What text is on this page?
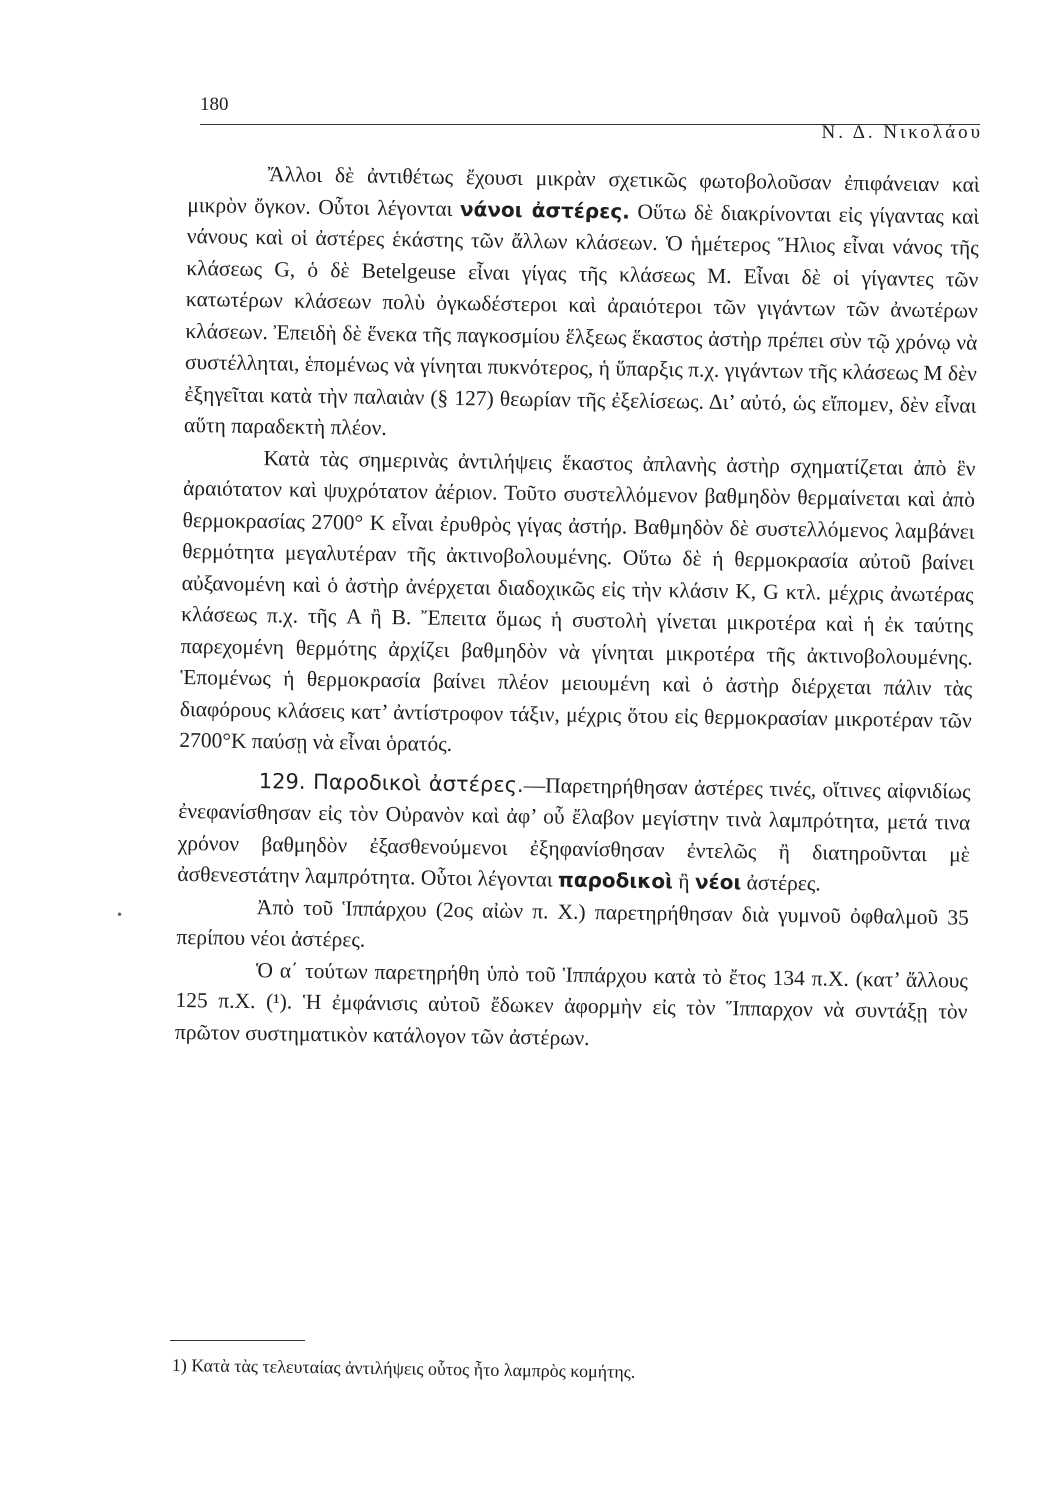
180
Ν. Δ. Νικολάου
•

Ἄλλοι δὲ ἀντιθέτως ἔχουσι μικρὰν σχετικῶς φωτοβολοῦσαν ἐπιφάνειαν καὶ μικρὸν ὄγκον. Οὗτοι λέγονται νάνοι ἀστέρες. Οὕτω δὲ διακρίνονται εἰς γίγαντας καὶ νάνους καὶ οἱ ἀστέρες ἑκάστης τῶν ἄλλων κλάσεων. Ὁ ἡμέτερος Ἥλιος εἶναι νάνος τῆς κλάσεως G, ὁ δὲ Betelgeuse εἶναι γίγας τῆς κλάσεως M. Εἶναι δὲ οἱ γίγαντες τῶν κατωτέρων κλάσεων πολὺ ὀγκωδέστεροι καὶ ἀραιότεροι τῶν γιγάντων τῶν ἀνωτέρων κλάσεων. Ἐπειδὴ δὲ ἕνεκα τῆς παγκοσμίου ἕλξεως ἕκαστος ἀστὴρ πρέπει σὺν τῷ χρόνῳ νὰ συστέλληται, ἑπομένως νὰ γίνηται πυκνότερος, ἡ ὕπαρξις π.χ. γιγάντων τῆς κλάσεως M δὲν ἐξηγεῖται κατὰ τὴν παλαιὰν (§ 127) θεωρίαν τῆς ἐξελίσεως. Δι’ αὐτό, ὡς εἴπομεν, δὲν εἶναι αὕτη παραδεκτὴ πλέον.

Κατὰ τὰς σημερινὰς ἀντιλήψεις ἕκαστος ἀπλανὴς ἀστὴρ σχηματίζεται ἀπὸ ἓν ἀραιότατον καὶ ψυχρότατον ἀέριον. Τοῦτο συστελλόμενον βαθμηδὸν θερμαίνεται καὶ ἀπὸ θερμοκρασίας 2700° K εἶναι ἐρυθρὸς γίγας ἀστήρ. Βαθμηδὸν δὲ συστελλόμενος λαμβάνει θερμότητα μεγαλυτέραν τῆς ἀκτινοβολουμένης. Οὕτω δὲ ἡ θερμοκρασία αὐτοῦ βαίνει αὐξανομένη καὶ ὁ ἀστὴρ ἀνέρχεται διαδοχικῶς εἰς τὴν κλάσιν K, G κτλ. μέχρις ἀνωτέρας κλάσεως π.χ. τῆς A ἢ B. Ἔπειτα ὅμως ἡ συστολὴ γίνεται μικροτέρα καὶ ἡ ἐκ ταύτης παρεχομένη θερμότης ἀρχίζει βαθμηδὸν νὰ γίνηται μικροτέρα τῆς ἀκτινοβολουμένης. Ἑπομένως ἡ θερμοκρασία βαίνει πλέον μειουμένη καὶ ὁ ἀστὴρ διέρχεται πάλιν τὰς διαφόρους κλάσεις κατ’ ἀντίστροφον τάξιν, μέχρις ὅτου εἰς θερμοκρασίαν μικροτέραν τῶν 2700°K παύσῃ νὰ εἶναι ὁρατός.

129. Παροδικοὶ ἀστέρες.—Παρετηρήθησαν ἀστέρες τινές, οἵτινες αἰφνιδίως ἐνεφανίσθησαν εἰς τὸν Οὐρανὸν καὶ ἀφ’ οὗ ἔλαβον μεγίστην τινὰ λαμπρότητα, μετά τινα χρόνον βαθμηδὸν ἐξασθενούμενοι ἐξηφανίσθησαν ἐντελῶς ἢ διατηροῦνται μὲ ἀσθενεστάτην λαμπρότητα. Οὗτοι λέγονται παροδικοὶ ἢ νέοι ἀστέρες.

Ἀπὸ τοῦ Ἱππάρχου (2ος αἰὼν π. Χ.) παρετηρήθησαν διὰ γυμνοῦ ὀφθαλμοῦ 35 περίπου νέοι ἀστέρες.

Ὁ α΄ τούτων παρετηρήθη ὑπὸ τοῦ Ἱππάρχου κατὰ τὸ ἔτος 134 π.Χ. (κατ’ ἄλλους 125 π.Χ. (¹). Ἡ ἐμφάνισις αὐτοῦ ἔδωκεν ἀφορμὴν εἰς τὸν Ἵππαρχον νὰ συντάξῃ τὸν πρῶτον συστηματικὸν κατάλογον τῶν ἀστέρων.

1) Κατὰ τὰς τελευταίας ἀντιλήψεις οὗτος ἦτο λαμπρὸς κομήτης.
